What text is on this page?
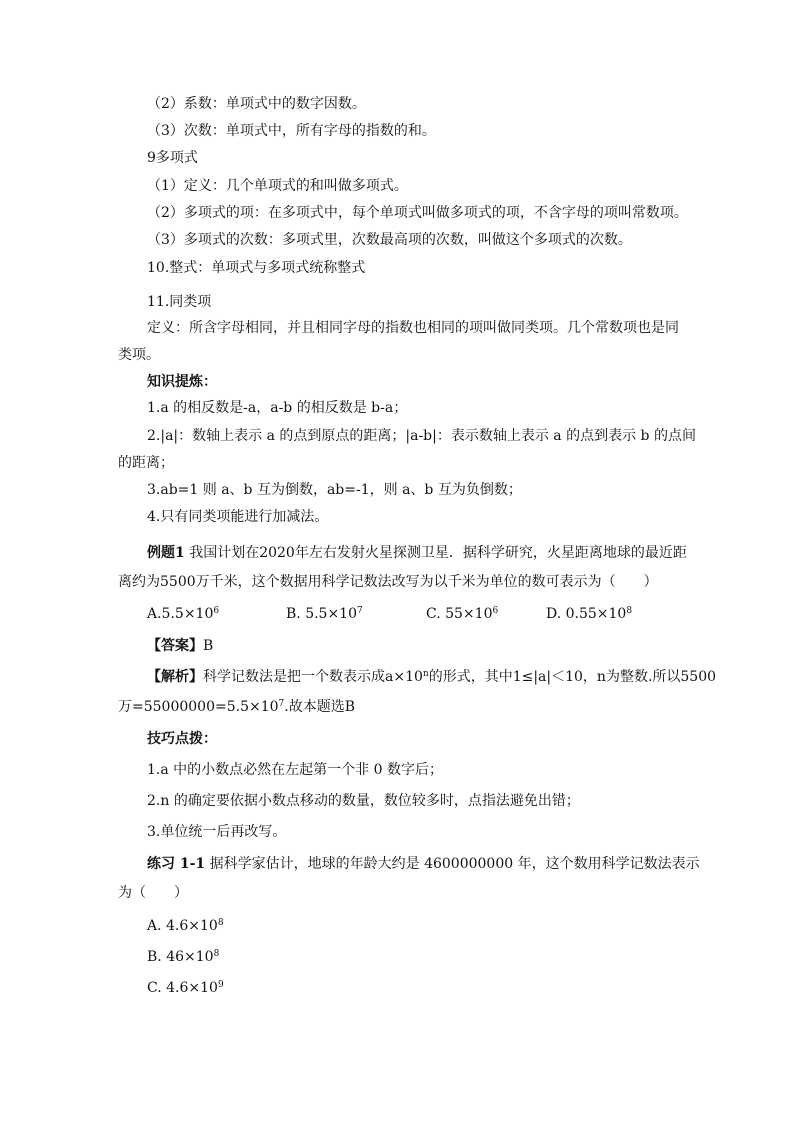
（2）系数：单项式中的数字因数。
（3）次数：单项式中，所有字母的指数的和。
9多项式
（1）定义：几个单项式的和叫做多项式。
（2）多项式的项：在多项式中，每个单项式叫做多项式的项，不含字母的项叫常数项。
（3）多项式的次数：多项式里，次数最高项的次数，叫做这个多项式的次数。
10.整式：单项式与多项式统称整式
11.同类项
定义：所含字母相同，并且相同字母的指数也相同的项叫做同类项。几个常数项也是同
类项。
知识提炼：
1.a 的相反数是-a，a-b 的相反数是 b-a；
2.|a|：数轴上表示 a 的点到原点的距离；|a-b|：表示数轴上表示 a 的点到表示 b 的点间
的距离；
3.ab=1 则 a、b 互为倒数，ab=-1，则 a、b 互为负倒数；
4.只有同类项能进行加减法。
例题1 我国计划在2020年左右发射火星探测卫星．据科学研究，火星距离地球的最近距
离约为5500万千米，这个数据用科学记数法改写为以千米为单位的数可表示为（　　）
$A.5.5\times 10^6$	B. $5.5\times 10^7$	C. $55\times 10^6$	D. $0.55\times 10^8$
【答案】B
【解析】科学记数法是把一个数表示成$a\times 10^n$的形式，其中1≤|a|＜10，n为整数.所以5500
万$=55000000=5.5\times 10^7$.故本题选B
技巧点拨：
1.a 中的小数点必然在左起第一个非 0 数字后；
2.n 的确定要依据小数点移动的数量，数位较多时，点指法避免出错；
3.单位统一后再改写。
练习 1-1 据科学家估计，地球的年龄大约是 4600000000 年，这个数用科学记数法表示
为（　　）
A. $4.6\times 10^8$
B. $46\times 10^8$
C. $4.6\times 10^9$
